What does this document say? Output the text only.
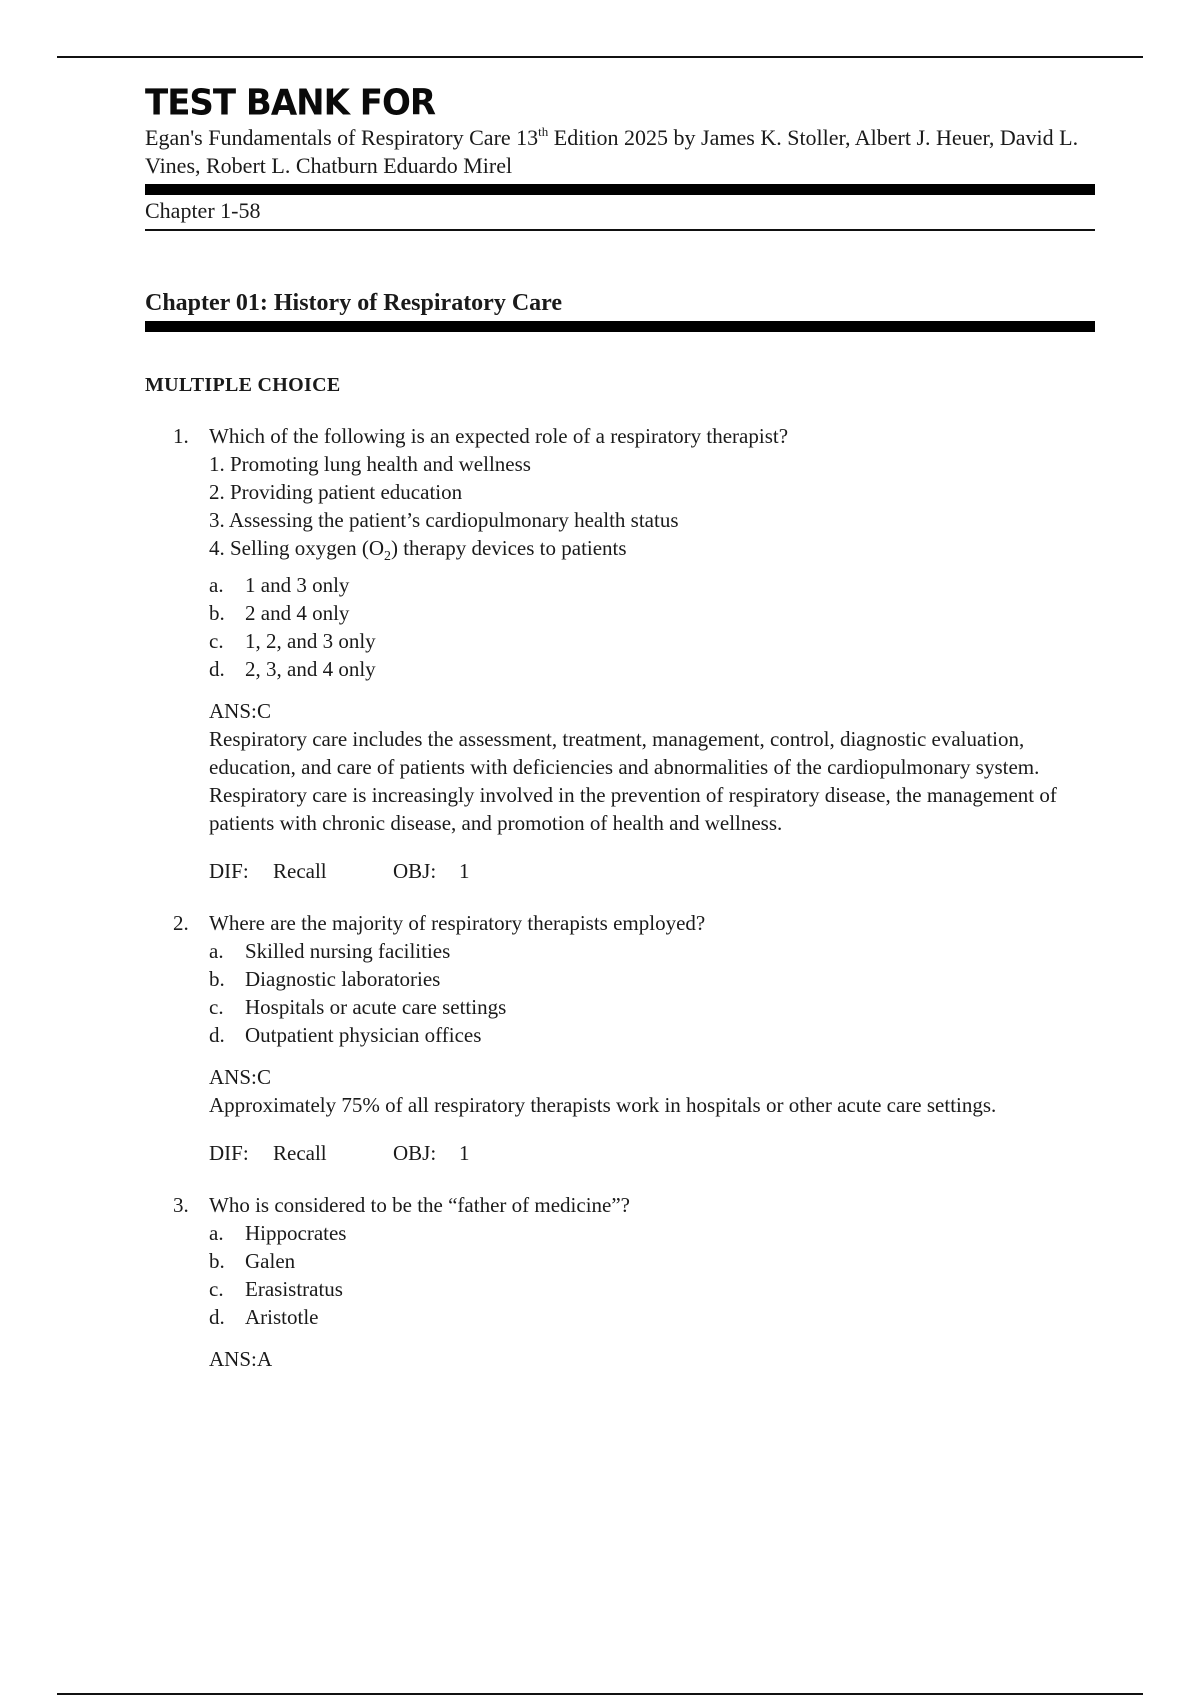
TEST BANK FOR
Egan's Fundamentals of Respiratory Care 13th Edition 2025 by James K. Stoller, Albert J. Heuer, David L. Vines, Robert L. Chatburn Eduardo Mirel
Chapter 1-58
Chapter 01: History of Respiratory Care
MULTIPLE CHOICE
1 . Which of the following is an expected role of a respiratory therapist?
1. Promoting lung health and wellness
2. Providing patient education
3. Assessing the patient’s cardiopulmonary health status
4. Selling oxygen $(O_2)$ therapy devices to patients
a .	1 and 3 only
b .	2 and 4 only
c .	1, 2, and 3 only
d .	2, 3, and 4 only
ANS: C
Respiratory care includes the assessment, treatment, management, control, diagnostic evaluation, education, and care of patients with deficiencies and abnormalities of the cardiopulmonary system. Respiratory care is increasingly involved in the prevention of respiratory disease, the management of patients with chronic disease, and promotion of health and wellness.
DIF:	Recall	OBJ:	1
2 . Where are the majority of respiratory therapists employed?
a .	Skilled nursing facilities
b .	Diagnostic laboratories
c .	Hospitals or acute care settings
d .	Outpatient physician offices
ANS: C
Approximately 75% of all respiratory therapists work in hospitals or other acute care settings.
DIF:	Recall	OBJ:	1
3 . Who is considered to be the “father of medicine”?
a .	Hippocrates
b .	Galen
c .	Erasistratus
d .	Aristotle
ANS: A
